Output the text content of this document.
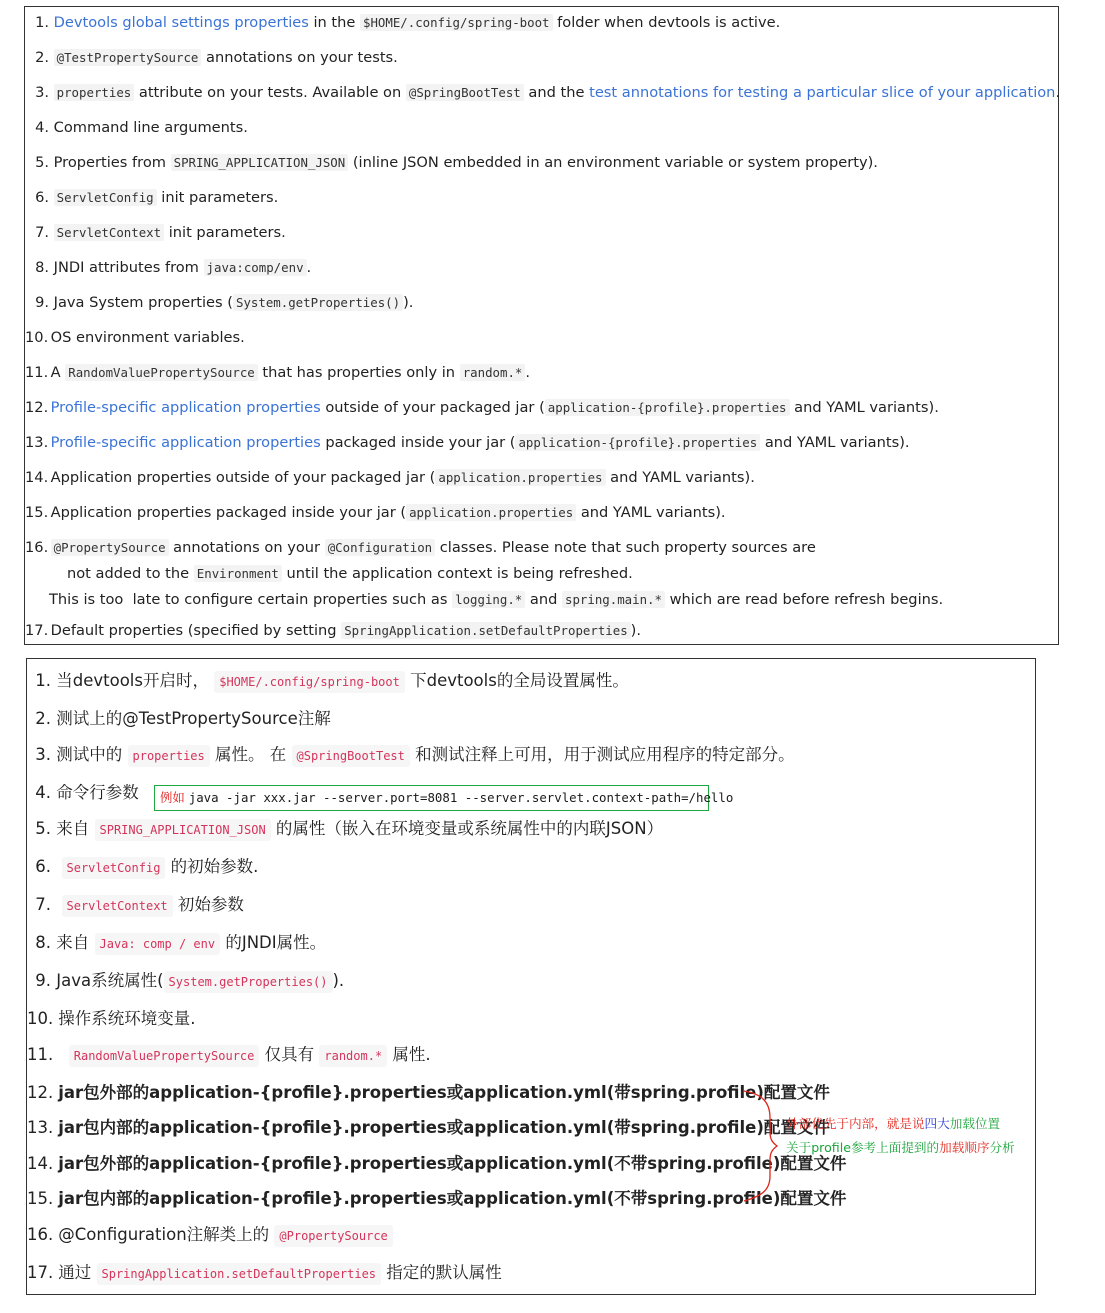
1. Devtools global settings properties in the $HOME/.config/spring-boot folder when devtools is active.
2. @TestPropertySource annotations on your tests.
3. properties attribute on your tests. Available on @SpringBootTest and the test annotations for testing a particular slice of your application.
4. Command line arguments.
5. Properties from SPRING_APPLICATION_JSON (inline JSON embedded in an environment variable or system property).
6. ServletConfig init parameters.
7. ServletContext init parameters.
8. JNDI attributes from java:comp/env .
9. Java System properties ( System.getProperties() ).
10. OS environment variables.
11. A RandomValuePropertySource that has properties only in random.* .
12. Profile-specific application properties outside of your packaged jar ( application-{profile}.properties and YAML variants).
13. Profile-specific application properties packaged inside your jar ( application-{profile}.properties and YAML variants).
14. Application properties outside of your packaged jar ( application.properties and YAML variants).
15. Application properties packaged inside your jar ( application.properties and YAML variants).
16. @PropertySource annotations on your @Configuration classes. Please note that such property sources are
not added to the Environment until the application context is being refreshed.
This is too  late to configure certain properties such as logging.* and spring.main.* which are read before refresh begins.
17. Default properties (specified by setting SpringApplication.setDefaultProperties ).
1. 当devtools开启时， $HOME/.config/spring-boot 下devtools的全局设置属性。
2. 测试上的@TestPropertySource注解
3. 测试中的 properties 属性。 在 @SpringBootTest 和测试注释上可用，用于测试应用程序的特定部分。
4. 命令行参数
5. 来自 SPRING_APPLICATION_JSON 的属性（嵌入在环境变量或系统属性中的内联JSON）
6. ServletConfig 的初始参数.
7. ServletContext 初始参数
8. 来自 Java: comp / env 的JNDI属性。
9. Java系统属性( System.getProperties() ).
10. 操作系统环境变量.
11. RandomValuePropertySource 仅具有 random.* 属性.
12. jar包外部的application-{profile}.properties或application.yml(带spring.profile)配置文件
13. jar包内部的application-{profile}.properties或application.yml(带spring.profile)配置文件
14. jar包外部的application-{profile}.properties或application.yml(不带spring.profile)配置文件
15. jar包内部的application-{profile}.properties或application.yml(不带spring.profile)配置文件
16. @Configuration注解类上的 @PropertySource
17. 通过 SpringApplication.setDefaultProperties 指定的默认属性
例如 java -jar xxx.jar --server.port=8081 --server.servlet.context-path=/hello
外部优先于内部，就是说四大加载位置
关于profile参考上面提到的加载顺序分析
